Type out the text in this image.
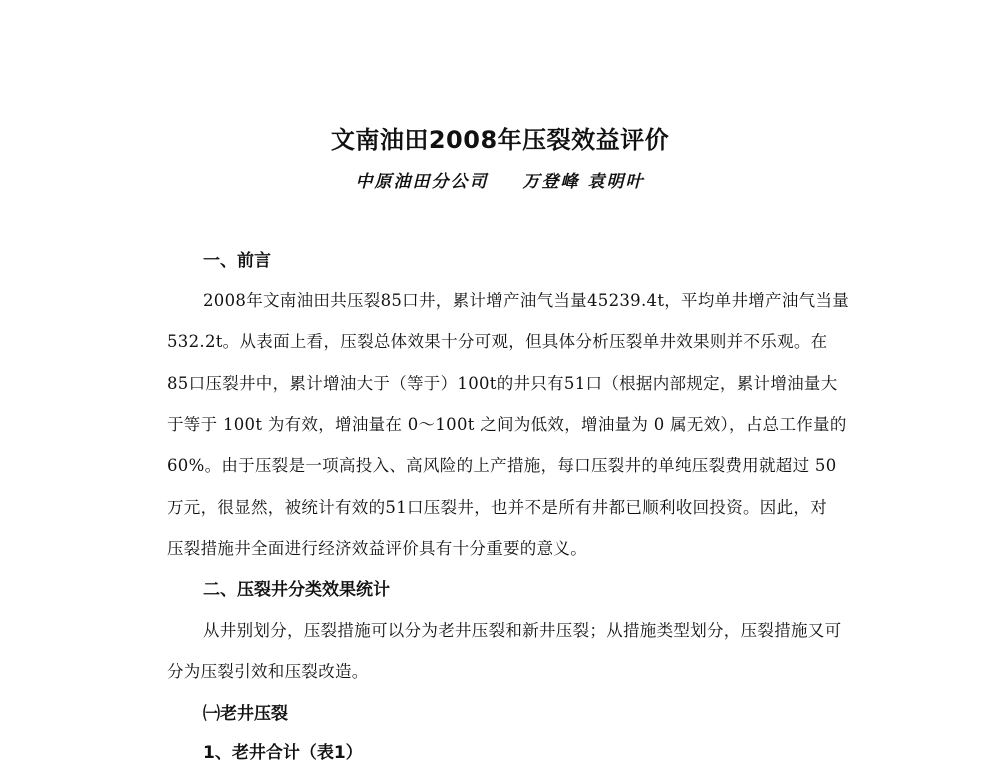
文南油田2008年压裂效益评价
中原油田分公司 万登峰 袁明叶
一、前言
2008年文南油田共压裂85口井，累计增产油气当量45239.4t，平均单井增产油气当量
532.2t。从表面上看，压裂总体效果十分可观，但具体分析压裂单井效果则并不乐观。在
85口压裂井中，累计增油大于（等于）100t的井只有51口（根据内部规定，累计增油量大
于等于 100t 为有效，增油量在 0～100t 之间为低效，增油量为 0 属无效），占总工作量的
60%。由于压裂是一项高投入、高风险的上产措施，每口压裂井的单纯压裂费用就超过 50
万元，很显然，被统计有效的51口压裂井，也并不是所有井都已顺利收回投资。因此，对
压裂措施井全面进行经济效益评价具有十分重要的意义。
二、压裂井分类效果统计
从井别划分，压裂措施可以分为老井压裂和新井压裂；从措施类型划分，压裂措施又可
分为压裂引效和压裂改造。
㈠老井压裂
1、老井合计（表1）
